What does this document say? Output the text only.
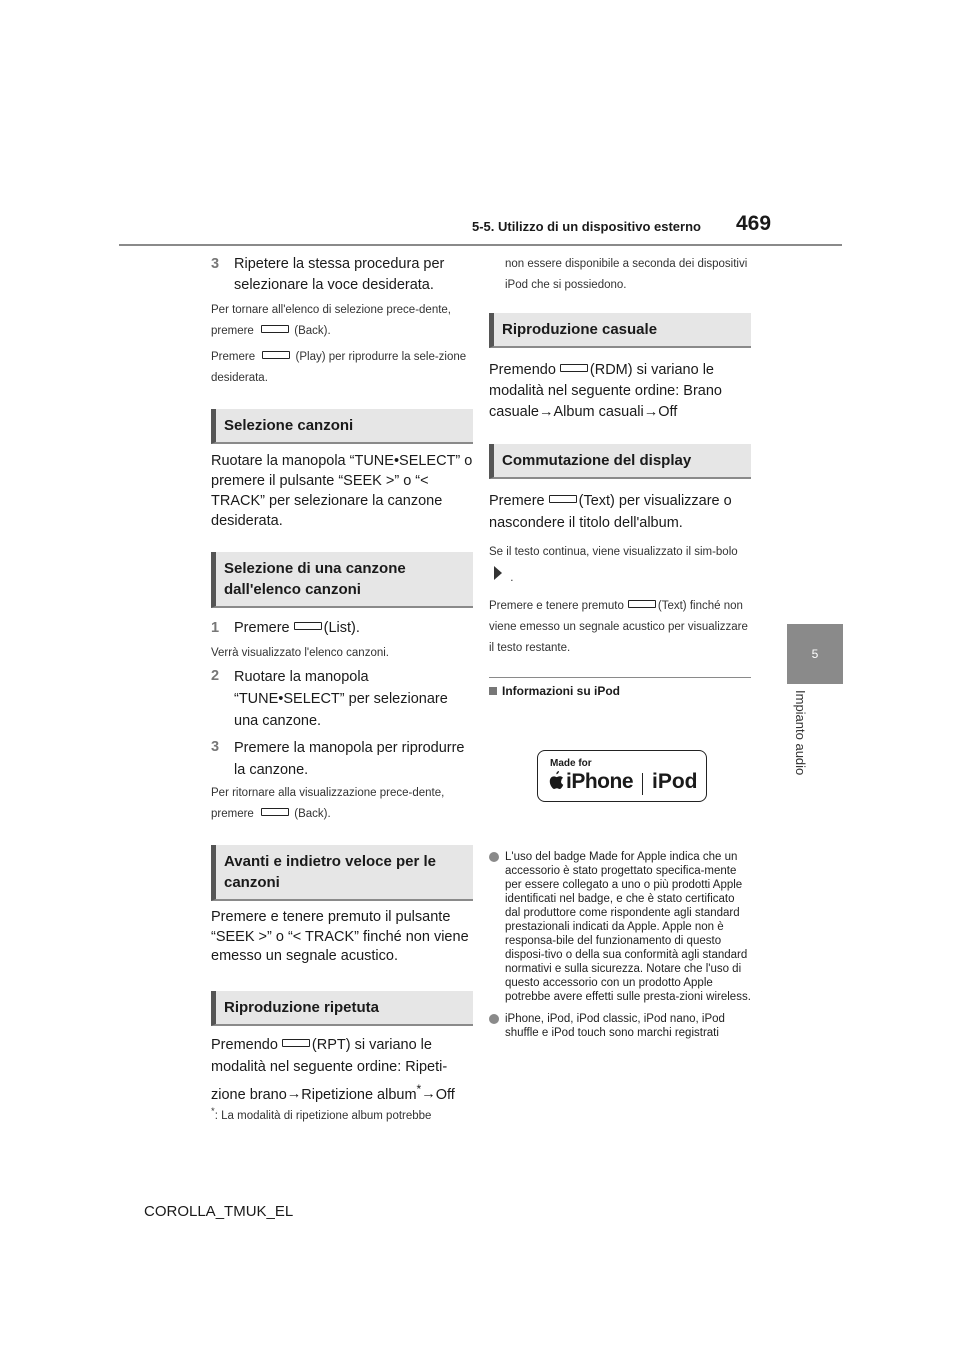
5-5. Utilizzo di un dispositivo esterno 469
5
Impianto audio
3	Ripetere la stessa procedura per selezionare la voce desiderata.
Per tornare all'elenco di selezione prece-dente, premere	(Back).
Premere	(Play) per riprodurre la sele-zione desiderata.
Selezione canzoni
Ruotare la manopola “TUNE•SELECT” o premere il pulsante “SEEK >” o “< TRACK” per selezionare la canzone desiderata.
Selezione di una canzone dall'elenco canzoni
1	Premere (List).
Verrà visualizzato l'elenco canzoni.
2	Ruotare la manopola “TUNE•SELECT” per selezionare una canzone.
3	Premere la manopola per riprodurre la canzone.
Per ritornare alla visualizzazione prece-dente, premere	(Back).
Avanti e indietro veloce per le canzoni
Premere e tenere premuto il pulsante “SEEK >” o “< TRACK” finché non viene emesso un segnale acustico.
Riproduzione ripetuta
Premendo (RPT) si variano le modalità nel seguente ordine: Ripeti-zione brano→Ripetizione album*→Off
*: La modalità di ripetizione album potrebbe
non essere disponibile a seconda dei dispositivi iPod che si possiedono.
Riproduzione casuale
Premendo (RDM) si variano le modalità nel seguente ordine: Brano casuale→Album casuali→Off
Commutazione del display
Premere (Text) per visualizzare o nascondere il titolo dell'album.
Se il testo continua, viene visualizzato il sim-bolo  .
Premere e tenere premuto	(Text) finché non viene emesso un segnale acustico per visualizzare il testo restante.
Informazioni su iPod
Made for
iPhone iPod
L'uso del badge Made for Apple indica che un accessorio è stato progettato specifica-mente per essere collegato a uno o più prodotti Apple identificati nel badge, e che è stato certificato dal produttore come rispondente agli standard prestazionali indicati da Apple. Apple non è responsa-bile del funzionamento di questo disposi-tivo o della sua conformità agli standard normativi e sulla sicurezza. Notare che l'uso di questo accessorio con un prodotto Apple potrebbe avere effetti sulle presta-zioni wireless.
iPhone, iPod, iPod classic, iPod nano, iPod shuffle e iPod touch sono marchi registrati
COROLLA_TMUK_EL
